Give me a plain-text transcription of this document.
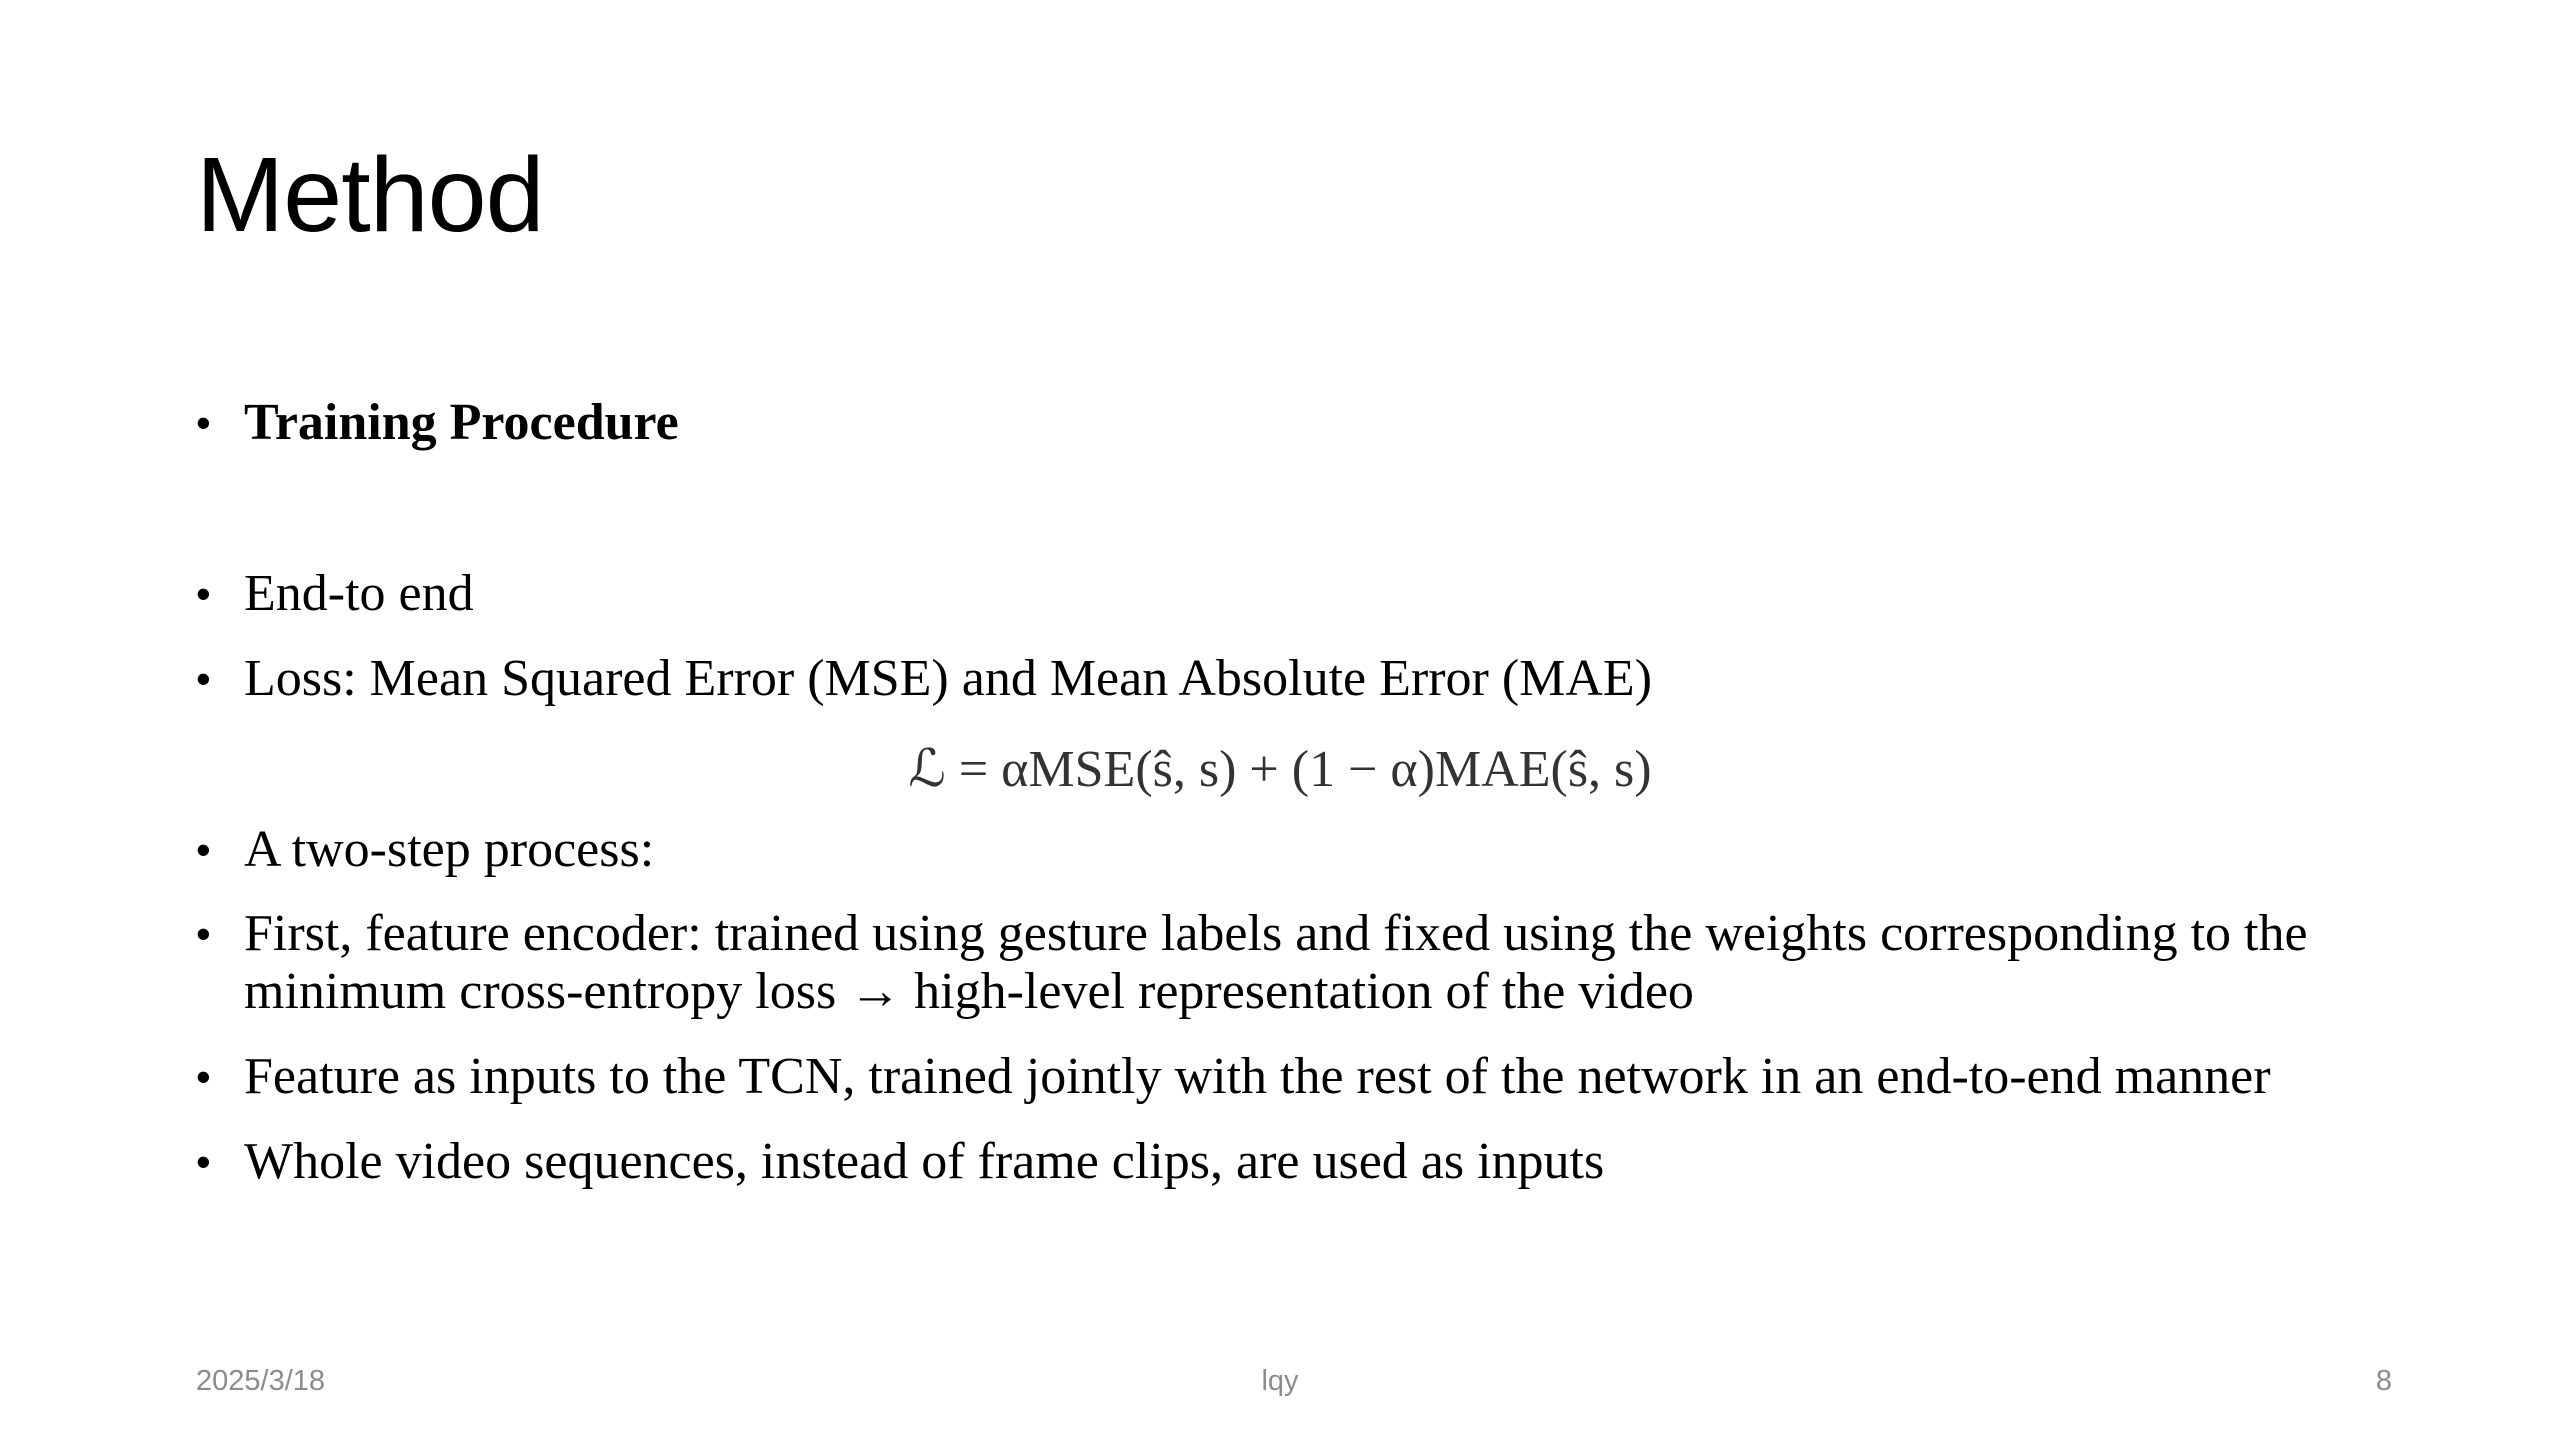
Method
• Training Procedure
• End-to end
• Loss: Mean Squared Error (MSE) and Mean Absolute Error (MAE)
ℒ = αMSE(ŝ, s) + (1 − α)MAE(ŝ, s)
• A two-step process:
• First, feature encoder: trained using gesture labels and fixed using the weights corresponding to the minimum cross-entropy loss → high-level representation of the video
• Feature as inputs to the TCN, trained jointly with the rest of the network in an end-to-end manner
• Whole video sequences, instead of frame clips, are used as inputs
2025/3/18	lqy	8
